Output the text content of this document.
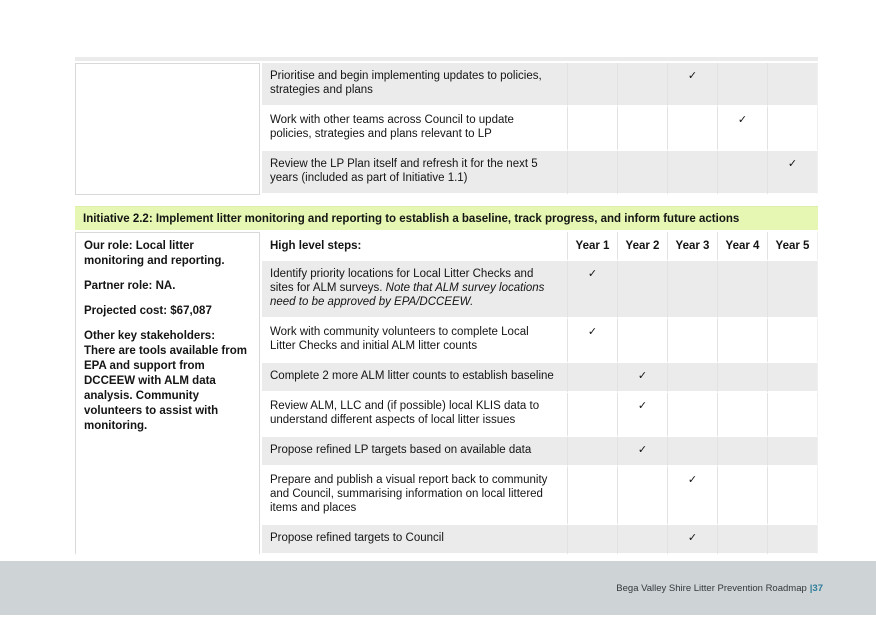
	Prioritise and begin implementing updates to policies, strategies and plans			✓		
	Work with other teams across Council to update policies, strategies and plans relevant to LP				✓	
	Review the LP Plan itself and refresh it for the next 5 years (included as part of Initiative 1.1)					✓
Initiative 2.2: Implement litter monitoring and reporting to establish a baseline, track progress, and inform future actions

Our role: Local litter monitoring and reporting.

Partner role: NA.

Projected cost: $67,087

Other key stakeholders: There are tools available from EPA and support from DCCEEW with ALM data analysis. Community volunteers to assist with monitoring.	High level steps:	Year 1	Year 2	Year 3	Year 4	Year 5
	Identify priority locations for Local Litter Checks and sites for ALM surveys. Note that ALM survey locations need to be approved by EPA/DCCEEW.	✓				
	Work with community volunteers to complete Local Litter Checks and initial ALM litter counts	✓				
	Complete 2 more ALM litter counts to establish baseline		✓			
	Review ALM, LLC and (if possible) local KLIS data to understand different aspects of local litter issues		✓			
	Propose refined LP targets based on available data		✓			
	Prepare and publish a visual report back to community and Council, summarising information on local littered items and places			✓		
	Propose refined targets to Council			✓		
Bega Valley Shire Litter Prevention Roadmap |37
